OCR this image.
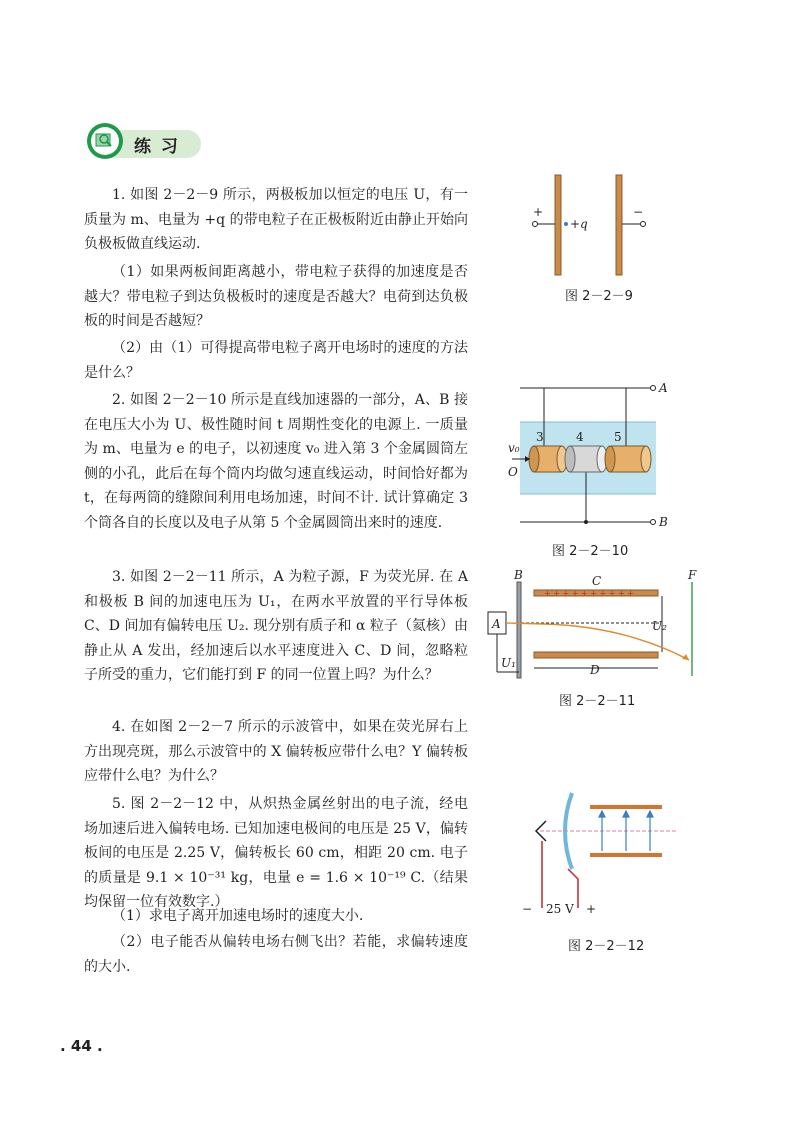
练 习

1. 如图 2－2－9 所示，两极板加以恒定的电压 U，有一质量为 m、电量为 +q 的带电粒子在正极板附近由静止开始向负极板做直线运动.

（1）如果两板间距离越小，带电粒子获得的加速度是否越大？带电粒子到达负极板时的速度是否越大？电荷到达负极板的时间是否越短？

（2）由（1）可得提高带电粒子离开电场时的速度的方法是什么？

2. 如图 2－2－10 所示是直线加速器的一部分，A、B 接在电压大小为 U、极性随时间 t 周期性变化的电源上. 一质量为 m、电量为 e 的电子，以初速度 v₀ 进入第 3 个金属圆筒左侧的小孔，此后在每个筒内均做匀速直线运动，时间恰好都为 t，在每两筒的缝隙间利用电场加速，时间不计. 试计算确定 3 个筒各自的长度以及电子从第 5 个金属圆筒出来时的速度.

3. 如图 2－2－11 所示，A 为粒子源，F 为荧光屏. 在 A 和极板 B 间的加速电压为 U₁，在两水平放置的平行导体板 C、D 间加有偏转电压 U₂. 现分别有质子和 α 粒子（氦核）由静止从 A 发出，经加速后以水平速度进入 C、D 间，忽略粒子所受的重力，它们能打到 F 的同一位置上吗？为什么？

4. 在如图 2－2－7 所示的示波管中，如果在荧光屏右上方出现亮斑，那么示波管中的 X 偏转板应带什么电？Y 偏转板应带什么电？为什么？

5. 图 2－2－12 中，从炽热金属丝射出的电子流，经电场加速后进入偏转电场. 已知加速电极间的电压是 25 V，偏转板间的电压是 2.25 V，偏转板长 60 cm，相距 20 cm. 电子的质量是 9.1 × 10⁻³¹ kg，电量 e = 1.6 × 10⁻¹⁹ C.（结果均保留一位有效数字.）

（1）求电子离开加速电场时的速度大小.

（2）电子能否从偏转电场右侧飞出？若能，求偏转速度的大小.

+	−
+q
图 2－2－9
A
B
3	4	5
v₀
O
图 2－2－10
A
B
U₁
+ + + + + + + + + +
C
D
U₂
F
图 2－2－11
− 25 V +
图 2－2－12
. 44 .
